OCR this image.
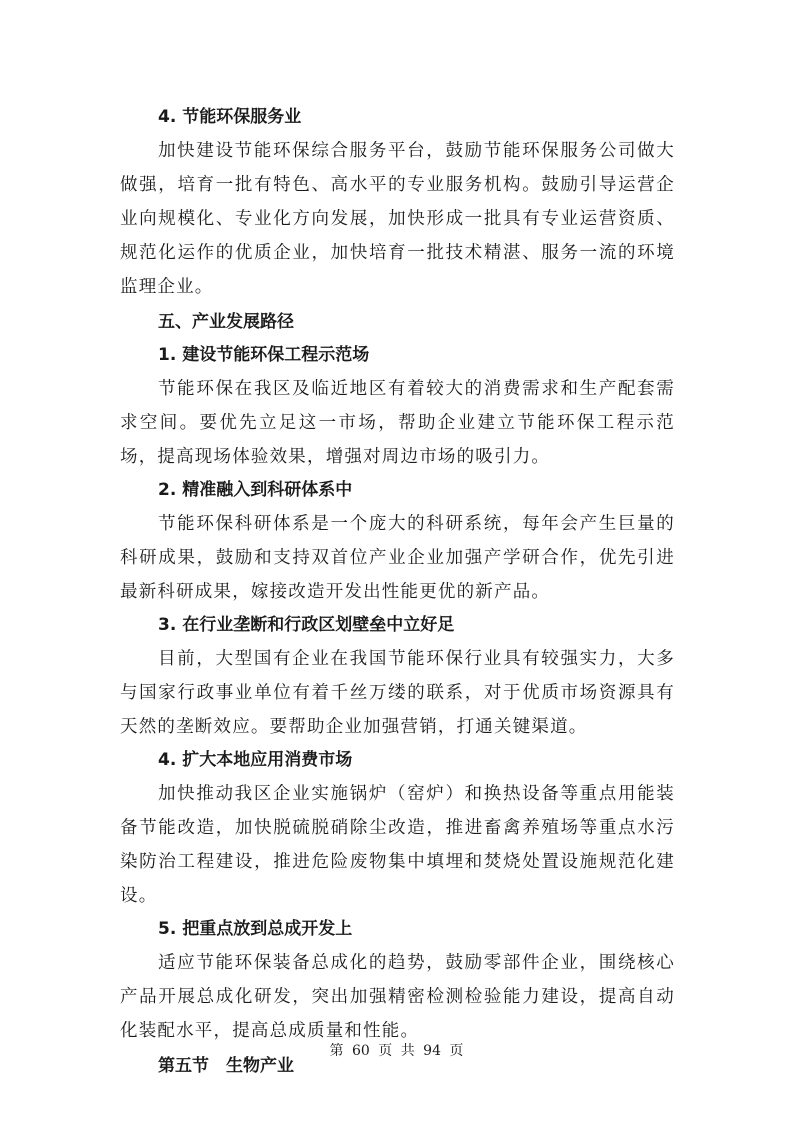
4. 节能环保服务业

加快建设节能环保综合服务平台，鼓励节能环保服务公司做大做强，培育一批有特色、高水平的专业服务机构。鼓励引导运营企业向规模化、专业化方向发展，加快形成一批具有专业运营资质、规范化运作的优质企业，加快培育一批技术精湛、服务一流的环境监理企业。

五、产业发展路径
1. 建设节能环保工程示范场

节能环保在我区及临近地区有着较大的消费需求和生产配套需求空间。要优先立足这一市场，帮助企业建立节能环保工程示范场，提高现场体验效果，增强对周边市场的吸引力。

2. 精准融入到科研体系中

节能环保科研体系是一个庞大的科研系统，每年会产生巨量的科研成果，鼓励和支持双首位产业企业加强产学研合作，优先引进最新科研成果，嫁接改造开发出性能更优的新产品。

3. 在行业垄断和行政区划壁垒中立好足

目前，大型国有企业在我国节能环保行业具有较强实力，大多与国家行政事业单位有着千丝万缕的联系，对于优质市场资源具有天然的垄断效应。要帮助企业加强营销，打通关键渠道。

4. 扩大本地应用消费市场

加快推动我区企业实施锅炉（窑炉）和换热设备等重点用能装备节能改造，加快脱硫脱硝除尘改造，推进畜禽养殖场等重点水污染防治工程建设，推进危险废物集中填埋和焚烧处置设施规范化建设。

5. 把重点放到总成开发上

适应节能环保装备总成化的趋势，鼓励零部件企业，围绕核心产品开展总成化研发，突出加强精密检测检验能力建设，提高自动化装配水平，提高总成质量和性能。

第五节　生物产业
第 60 页 共 94 页
